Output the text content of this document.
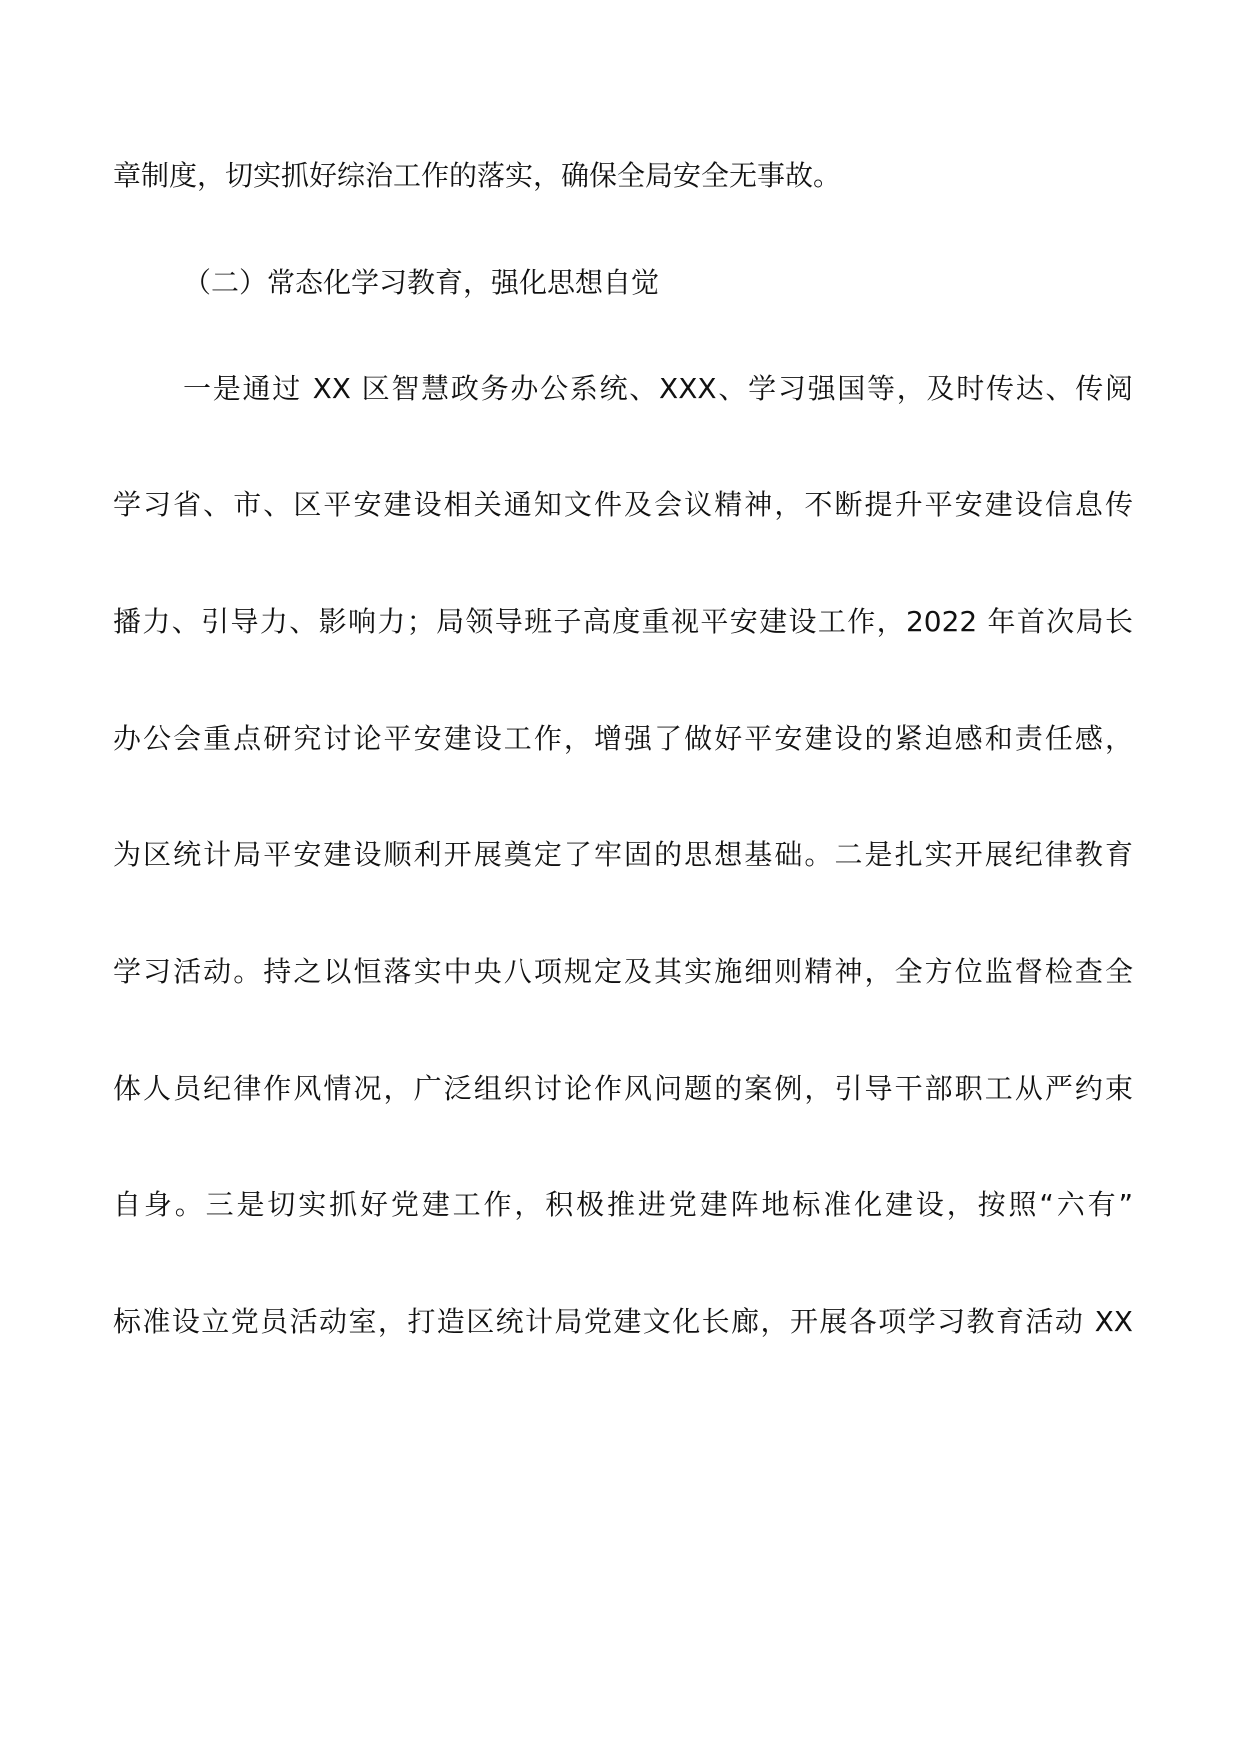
章制度，切实抓好综治工作的落实，确保全局安全无事故。
（二）常态化学习教育，强化思想自觉
一是通过 XX 区智慧政务办公系统、XXX、学习强国等，及时传达、传阅
学习省、市、区平安建设相关通知文件及会议精神，不断提升平安建设信息传
播力、引导力、影响力；局领导班子高度重视平安建设工作，2022 年首次局长
办公会重点研究讨论平安建设工作，增强了做好平安建设的紧迫感和责任感，
为区统计局平安建设顺利开展奠定了牢固的思想基础。二是扎实开展纪律教育
学习活动。持之以恒落实中央八项规定及其实施细则精神，全方位监督检查全
体人员纪律作风情况，广泛组织讨论作风问题的案例，引导干部职工从严约束
自身。三是切实抓好党建工作，积极推进党建阵地标准化建设，按照“六有”
标准设立党员活动室，打造区统计局党建文化长廊，开展各项学习教育活动 XX
